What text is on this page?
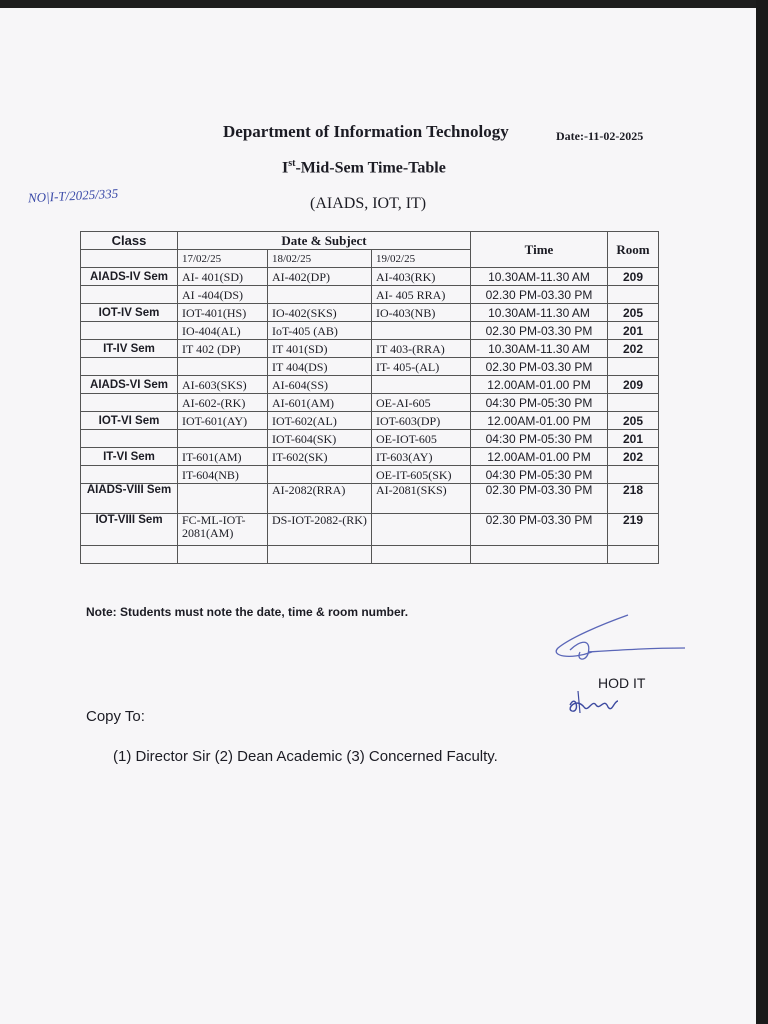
NO|I-T/2025/335
Department of Information Technology	Date:-11-02-2025
Ist-Mid-Sem Time-Table
(AIADS, IOT, IT)
Class	Date & Subject			Time	Room
	17/02/25	18/02/25	19/02/25		
AIADS-IV Sem	AI- 401(SD)	AI-402(DP)	AI-403(RK)	10.30AM-11.30 AM	209
	AI -404(DS)		AI- 405 RRA)	02.30 PM-03.30 PM	
IOT-IV Sem	IOT-401(HS)	IO-402(SKS)	IO-403(NB)	10.30AM-11.30 AM	205
	IO-404(AL)	IoT-405 (AB)		02.30 PM-03.30 PM	201
IT-IV Sem	IT 402 (DP)	IT 401(SD)	IT 403-(RRA)	10.30AM-11.30 AM	202
		IT 404(DS)	IT- 405-(AL)	02.30 PM-03.30 PM	
AIADS-VI Sem	AI-603(SKS)	AI-604(SS)		12.00AM-01.00 PM	209
	AI-602-(RK)	AI-601(AM)	OE-AI-605	04:30 PM-05:30 PM	
IOT-VI Sem	IOT-601(AY)	IOT-602(AL)	IOT-603(DP)	12.00AM-01.00 PM	205
		IOT-604(SK)	OE-IOT-605	04:30 PM-05:30 PM	201
IT-VI Sem	IT-601(AM)	IT-602(SK)	IT-603(AY)	12.00AM-01.00 PM	202
	IT-604(NB)		OE-IT-605(SK)	04:30 PM-05:30 PM	
AIADS-VIII Sem		AI-2082(RRA)	AI-2081(SKS)	02.30 PM-03.30 PM	218
IOT-VIII Sem	FC-ML-IOT-2081(AM)	DS-IOT-2082-(RK)		02.30 PM-03.30 PM	219

Note: Students must note the date, time & room number.
HOD IT
Copy To:
(1) Director Sir (2) Dean Academic (3) Concerned Faculty.
